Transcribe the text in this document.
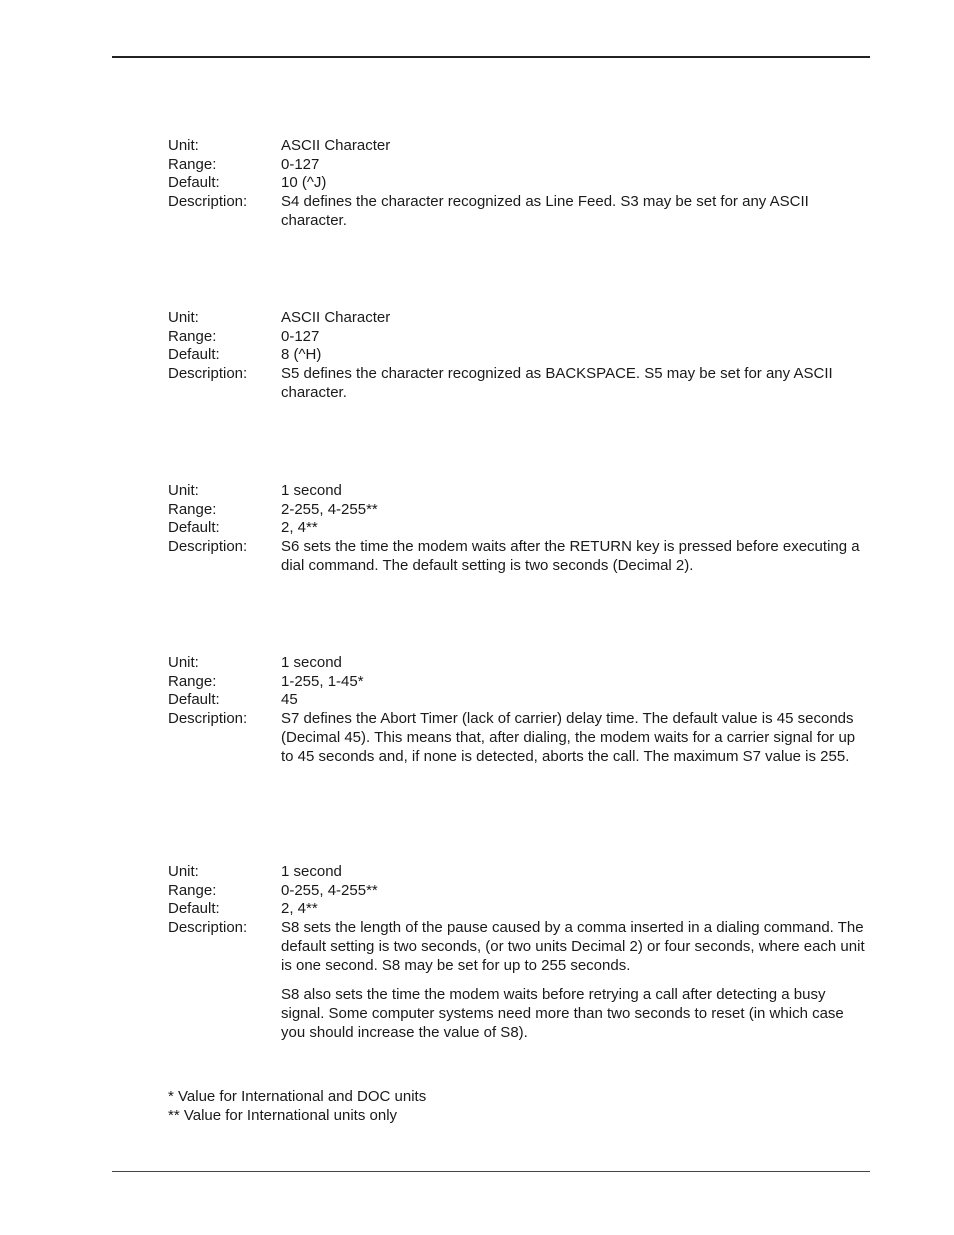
Unit:	ASCII Character
Range:	0-127
Default:	10 (^J)
Description:	S4 defines the character recognized as Line Feed. S3 may be set for any ASCII character.
Unit:	ASCII Character
Range:	0-127
Default:	8 (^H)
Description:	S5 defines the character recognized as BACKSPACE. S5 may be set for any ASCII character.
Unit:	1 second
Range:	2-255, 4-255**
Default:	2, 4**
Description:	S6 sets the time the modem waits after the RETURN key is pressed before executing a dial command. The default setting is two seconds (Decimal 2).
Unit:	1 second
Range:	1-255, 1-45*
Default:	45
Description:	S7 defines the Abort Timer (lack of carrier) delay time. The default value is 45 seconds (Decimal 45). This means that, after dialing, the modem waits for a carrier signal for up to 45 seconds and, if none is detected, aborts the call. The maximum S7 value is 255.
Unit:	1 second
Range:	0-255, 4-255**
Default:	2, 4**
Description:	S8 sets the length of the pause caused by a comma inserted in a dialing command. The default setting is two seconds, (or two units Decimal 2) or four seconds, where each unit is one second. S8 may be set for up to 255 seconds.
S8 also sets the time the modem waits before retrying a call after detecting a busy signal. Some computer systems need more than two seconds to reset (in which case you should increase the value of S8).
* Value for International and DOC units
** Value for International units only
